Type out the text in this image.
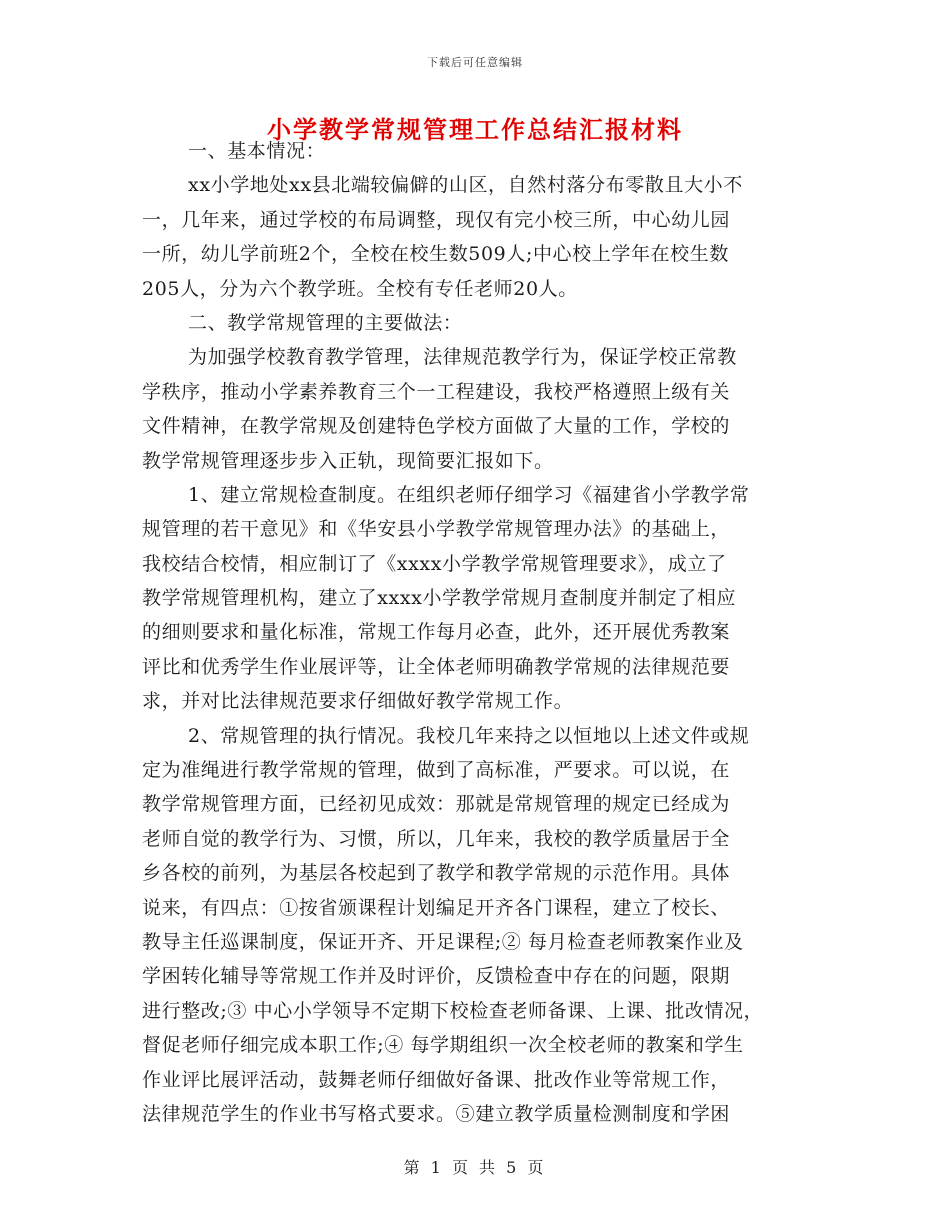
下载后可任意编辑
小学教学常规管理工作总结汇报材料
一、基本情况：
xx小学地处xx县北端较偏僻的山区，自然村落分布零散且大小不
一，几年来，通过学校的布局调整，现仅有完小校三所，中心幼儿园
一所，幼儿学前班2个，全校在校生数509人;中心校上学年在校生数
205人，分为六个教学班。全校有专任老师20人。
二、教学常规管理的主要做法：
为加强学校教育教学管理，法律规范教学行为，保证学校正常教
学秩序，推动小学素养教育三个一工程建设，我校严格遵照上级有关
文件精神，在教学常规及创建特色学校方面做了大量的工作，学校的
教学常规管理逐步步入正轨，现简要汇报如下。
1、建立常规检查制度。在组织老师仔细学习《福建省小学教学常
规管理的若干意见》和《华安县小学教学常规管理办法》的基础上，
我校结合校情，相应制订了《xxxx小学教学常规管理要求》，成立了
教学常规管理机构，建立了xxxx小学教学常规月查制度并制定了相应
的细则要求和量化标准，常规工作每月必查，此外，还开展优秀教案
评比和优秀学生作业展评等，让全体老师明确教学常规的法律规范要
求，并对比法律规范要求仔细做好教学常规工作。
2、常规管理的执行情况。我校几年来持之以恒地以上述文件或规
定为准绳进行教学常规的管理，做到了高标准，严要求。可以说，在
教学常规管理方面，已经初见成效：那就是常规管理的规定已经成为
老师自觉的教学行为、习惯，所以，几年来，我校的教学质量居于全
乡各校的前列，为基层各校起到了教学和教学常规的示范作用。具体
说来，有四点：①按省颁课程计划编足开齐各门课程，建立了校长、
教导主任巡课制度，保证开齐、开足课程;② 每月检查老师教案作业及
学困转化辅导等常规工作并及时评价，反馈检查中存在的问题，限期
进行整改;③ 中心小学领导不定期下校检查老师备课、上课、批改情况，
督促老师仔细完成本职工作;④ 每学期组织一次全校老师的教案和学生
作业评比展评活动，鼓舞老师仔细做好备课、批改作业等常规工作，
法律规范学生的作业书写格式要求。⑤建立教学质量检测制度和学困
第 1 页 共 5 页
